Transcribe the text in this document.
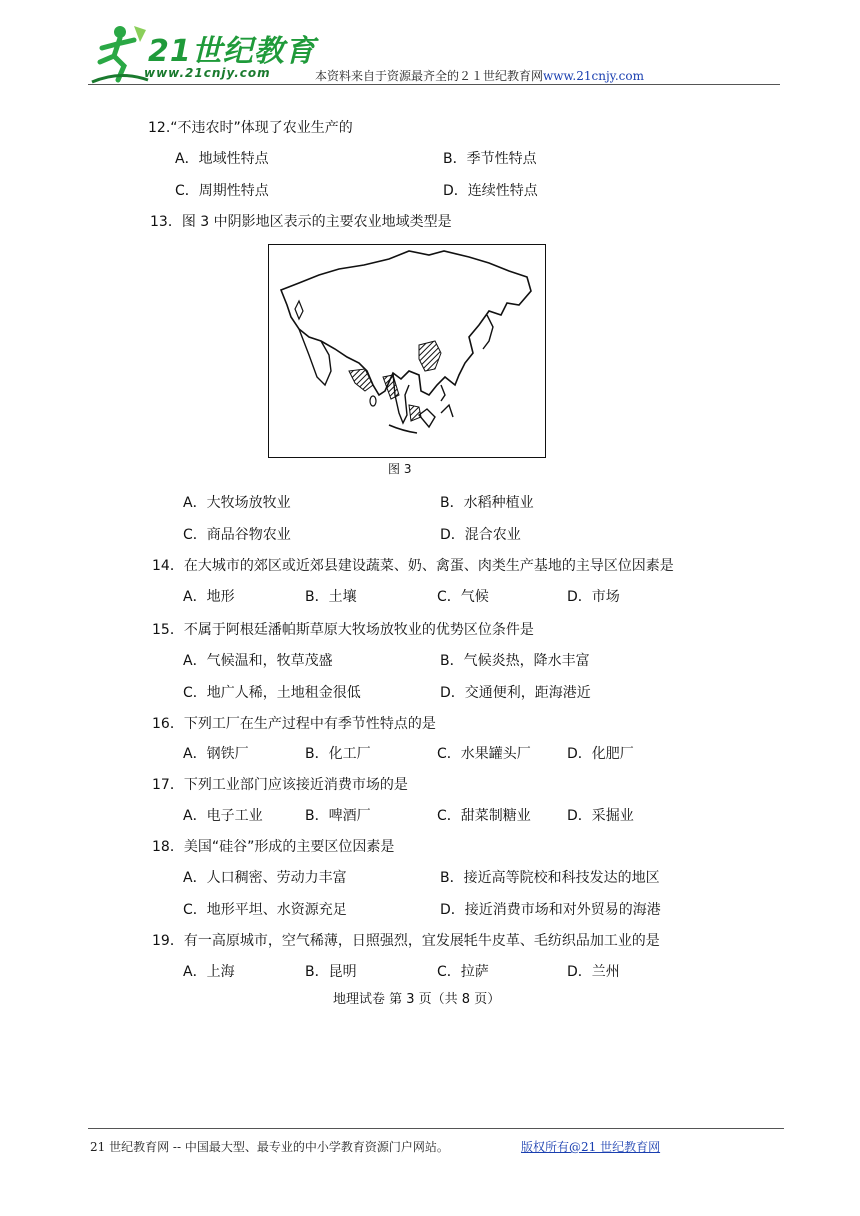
21世纪教育
www.21cnjy.com	本资料来自于资源最齐全的２１世纪教育网www.21cnjy.com
12.“不违农时”体现了农业生产的
A．地域性特点	B．季节性特点
C．周期性特点	D．连续性特点
13．图 3 中阴影地区表示的主要农业地域类型是
图 3
A．大牧场放牧业	B．水稻种植业
C．商品谷物农业	D．混合农业
14．在大城市的郊区或近郊县建设蔬菜、奶、禽蛋、肉类生产基地的主导区位因素是
A．地形	B．土壤	C．气候	D．市场
15．不属于阿根廷潘帕斯草原大牧场放牧业的优势区位条件是
A．气候温和，牧草茂盛	B．气候炎热，降水丰富
C．地广人稀，土地租金很低	D．交通便利，距海港近
16．下列工厂在生产过程中有季节性特点的是
A．钢铁厂	B．化工厂	C．水果罐头厂	D．化肥厂
17．下列工业部门应该接近消费市场的是
A．电子工业	B．啤酒厂	C．甜菜制糖业	D．采掘业
18．美国“硅谷”形成的主要区位因素是
A．人口稠密、劳动力丰富	B．接近高等院校和科技发达的地区
C．地形平坦、水资源充足	D．接近消费市场和对外贸易的海港
19．有一高原城市，空气稀薄，日照强烈，宜发展牦牛皮革、毛纺织品加工业的是
A．上海	B．昆明	C．拉萨	D．兰州
地理试卷 第 3 页（共 8 页）
21 世纪教育网 -- 中国最大型、最专业的中小学教育资源门户网站。	版权所有@21 世纪教育网
